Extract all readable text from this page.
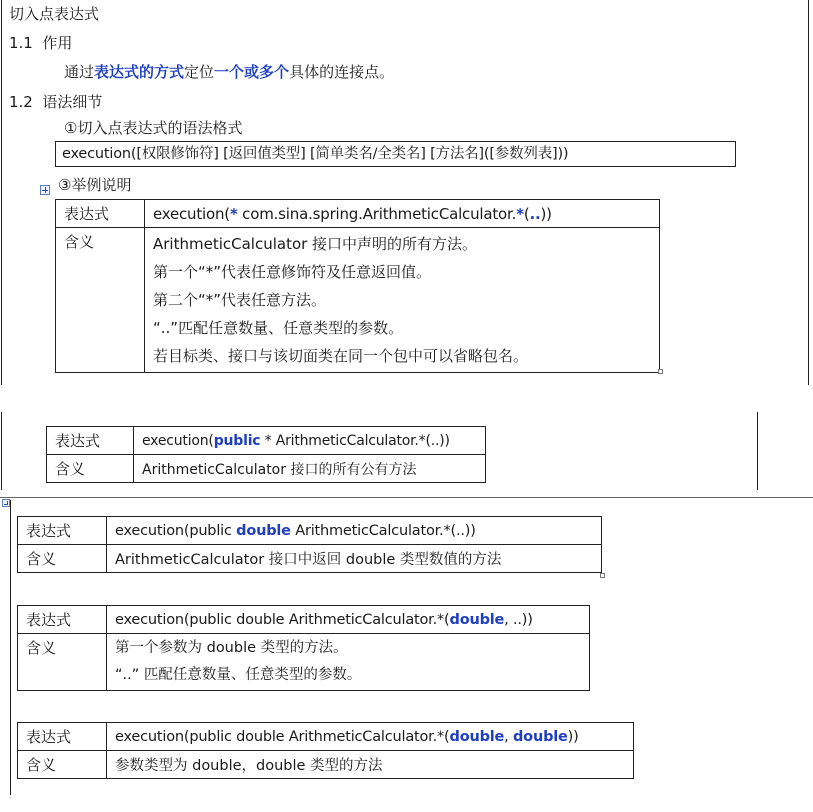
切入点表达式
1.1 作用
通过表达式的方式定位一个或多个具体的连接点。
1.2 语法细节
①切入点表达式的语法格式
execution([权限修饰符] [返回值类型] [简单类名/全类名] [方法名]([参数列表]))
③举例说明
表达式	execution(* com.sina.spring.ArithmeticCalculator.*(..))
含义	ArithmeticCalculator 接口中声明的所有方法。
第一个“*”代表任意修饰符及任意返回值。
第二个“*”代表任意方法。
“..”匹配任意数量、任意类型的参数。
若目标类、接口与该切面类在同一个包中可以省略包名。
表达式	execution(public * ArithmeticCalculator.*(..))
含义	ArithmeticCalculator 接口的所有公有方法
表达式	execution(public double ArithmeticCalculator.*(..))
含义	ArithmeticCalculator 接口中返回 double 类型数值的方法
表达式	execution(public double ArithmeticCalculator.*(double, ..))
含义	第一个参数为 double 类型的方法。
“..” 匹配任意数量、任意类型的参数。
表达式	execution(public double ArithmeticCalculator.*(double, double))
含义	参数类型为 double，double 类型的方法
